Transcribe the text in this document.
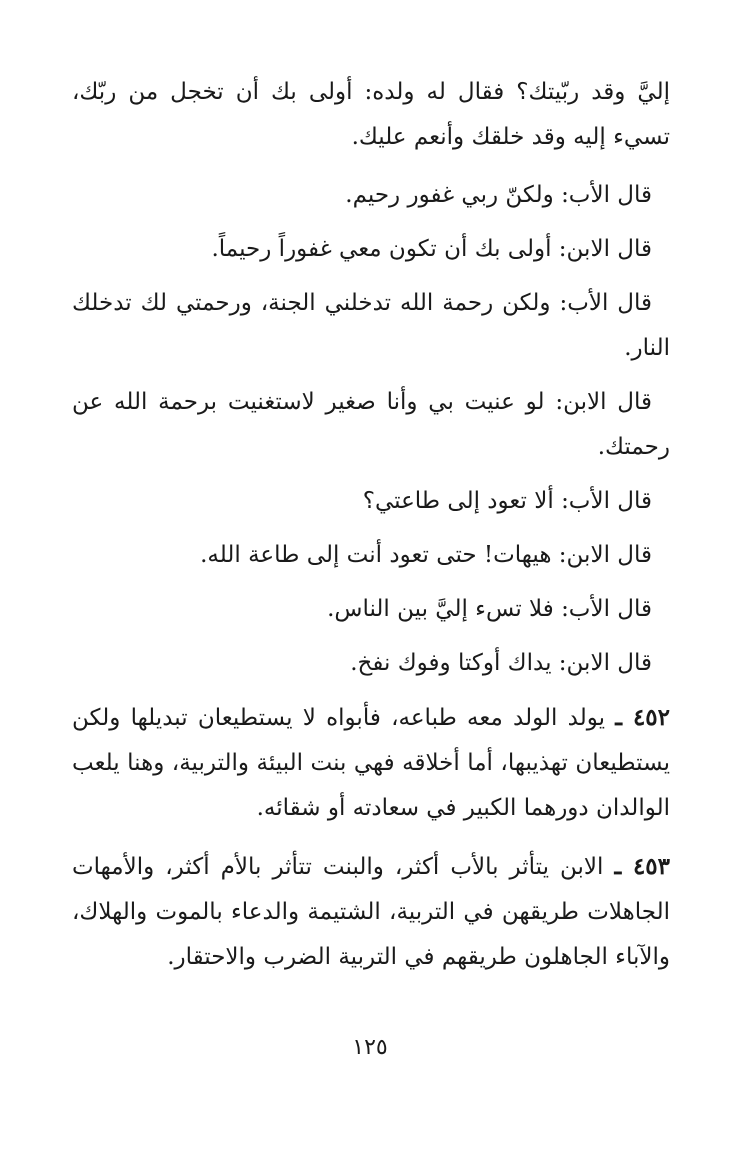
إليَّ وقد ربّيتك؟ فقال له ولده: أولى بك أن تخجل من ربّك، تسيء إليه وقد خلقك وأنعم عليك.

قال الأب: ولكنّ ربي غفور رحيم.

قال الابن: أولى بك أن تكون معي غفوراً رحيماً.

قال الأب: ولكن رحمة الله تدخلني الجنة، ورحمتي لك تدخلك النار.

قال الابن: لو عنيت بي وأنا صغير لاستغنيت برحمة الله عن رحمتك.

قال الأب: ألا تعود إلى طاعتي؟

قال الابن: هيهات! حتى تعود أنت إلى طاعة الله.

قال الأب: فلا تسء إليَّ بين الناس.

قال الابن: يداك أوكتا وفوك نفخ.

٤٥٢ ـ يولد الولد معه طباعه، فأبواه لا يستطيعان تبديلها ولكن يستطيعان تهذيبها، أما أخلاقه فهي بنت البيئة والتربية، وهنا يلعب الوالدان دورهما الكبير في سعادته أو شقائه.

٤٥٣ ـ الابن يتأثر بالأب أكثر، والبنت تتأثر بالأم أكثر، والأمهات الجاهلات طريقهن في التربية، الشتيمة والدعاء بالموت والهلاك، والآباء الجاهلون طريقهم في التربية الضرب والاحتقار.

١٢٥
